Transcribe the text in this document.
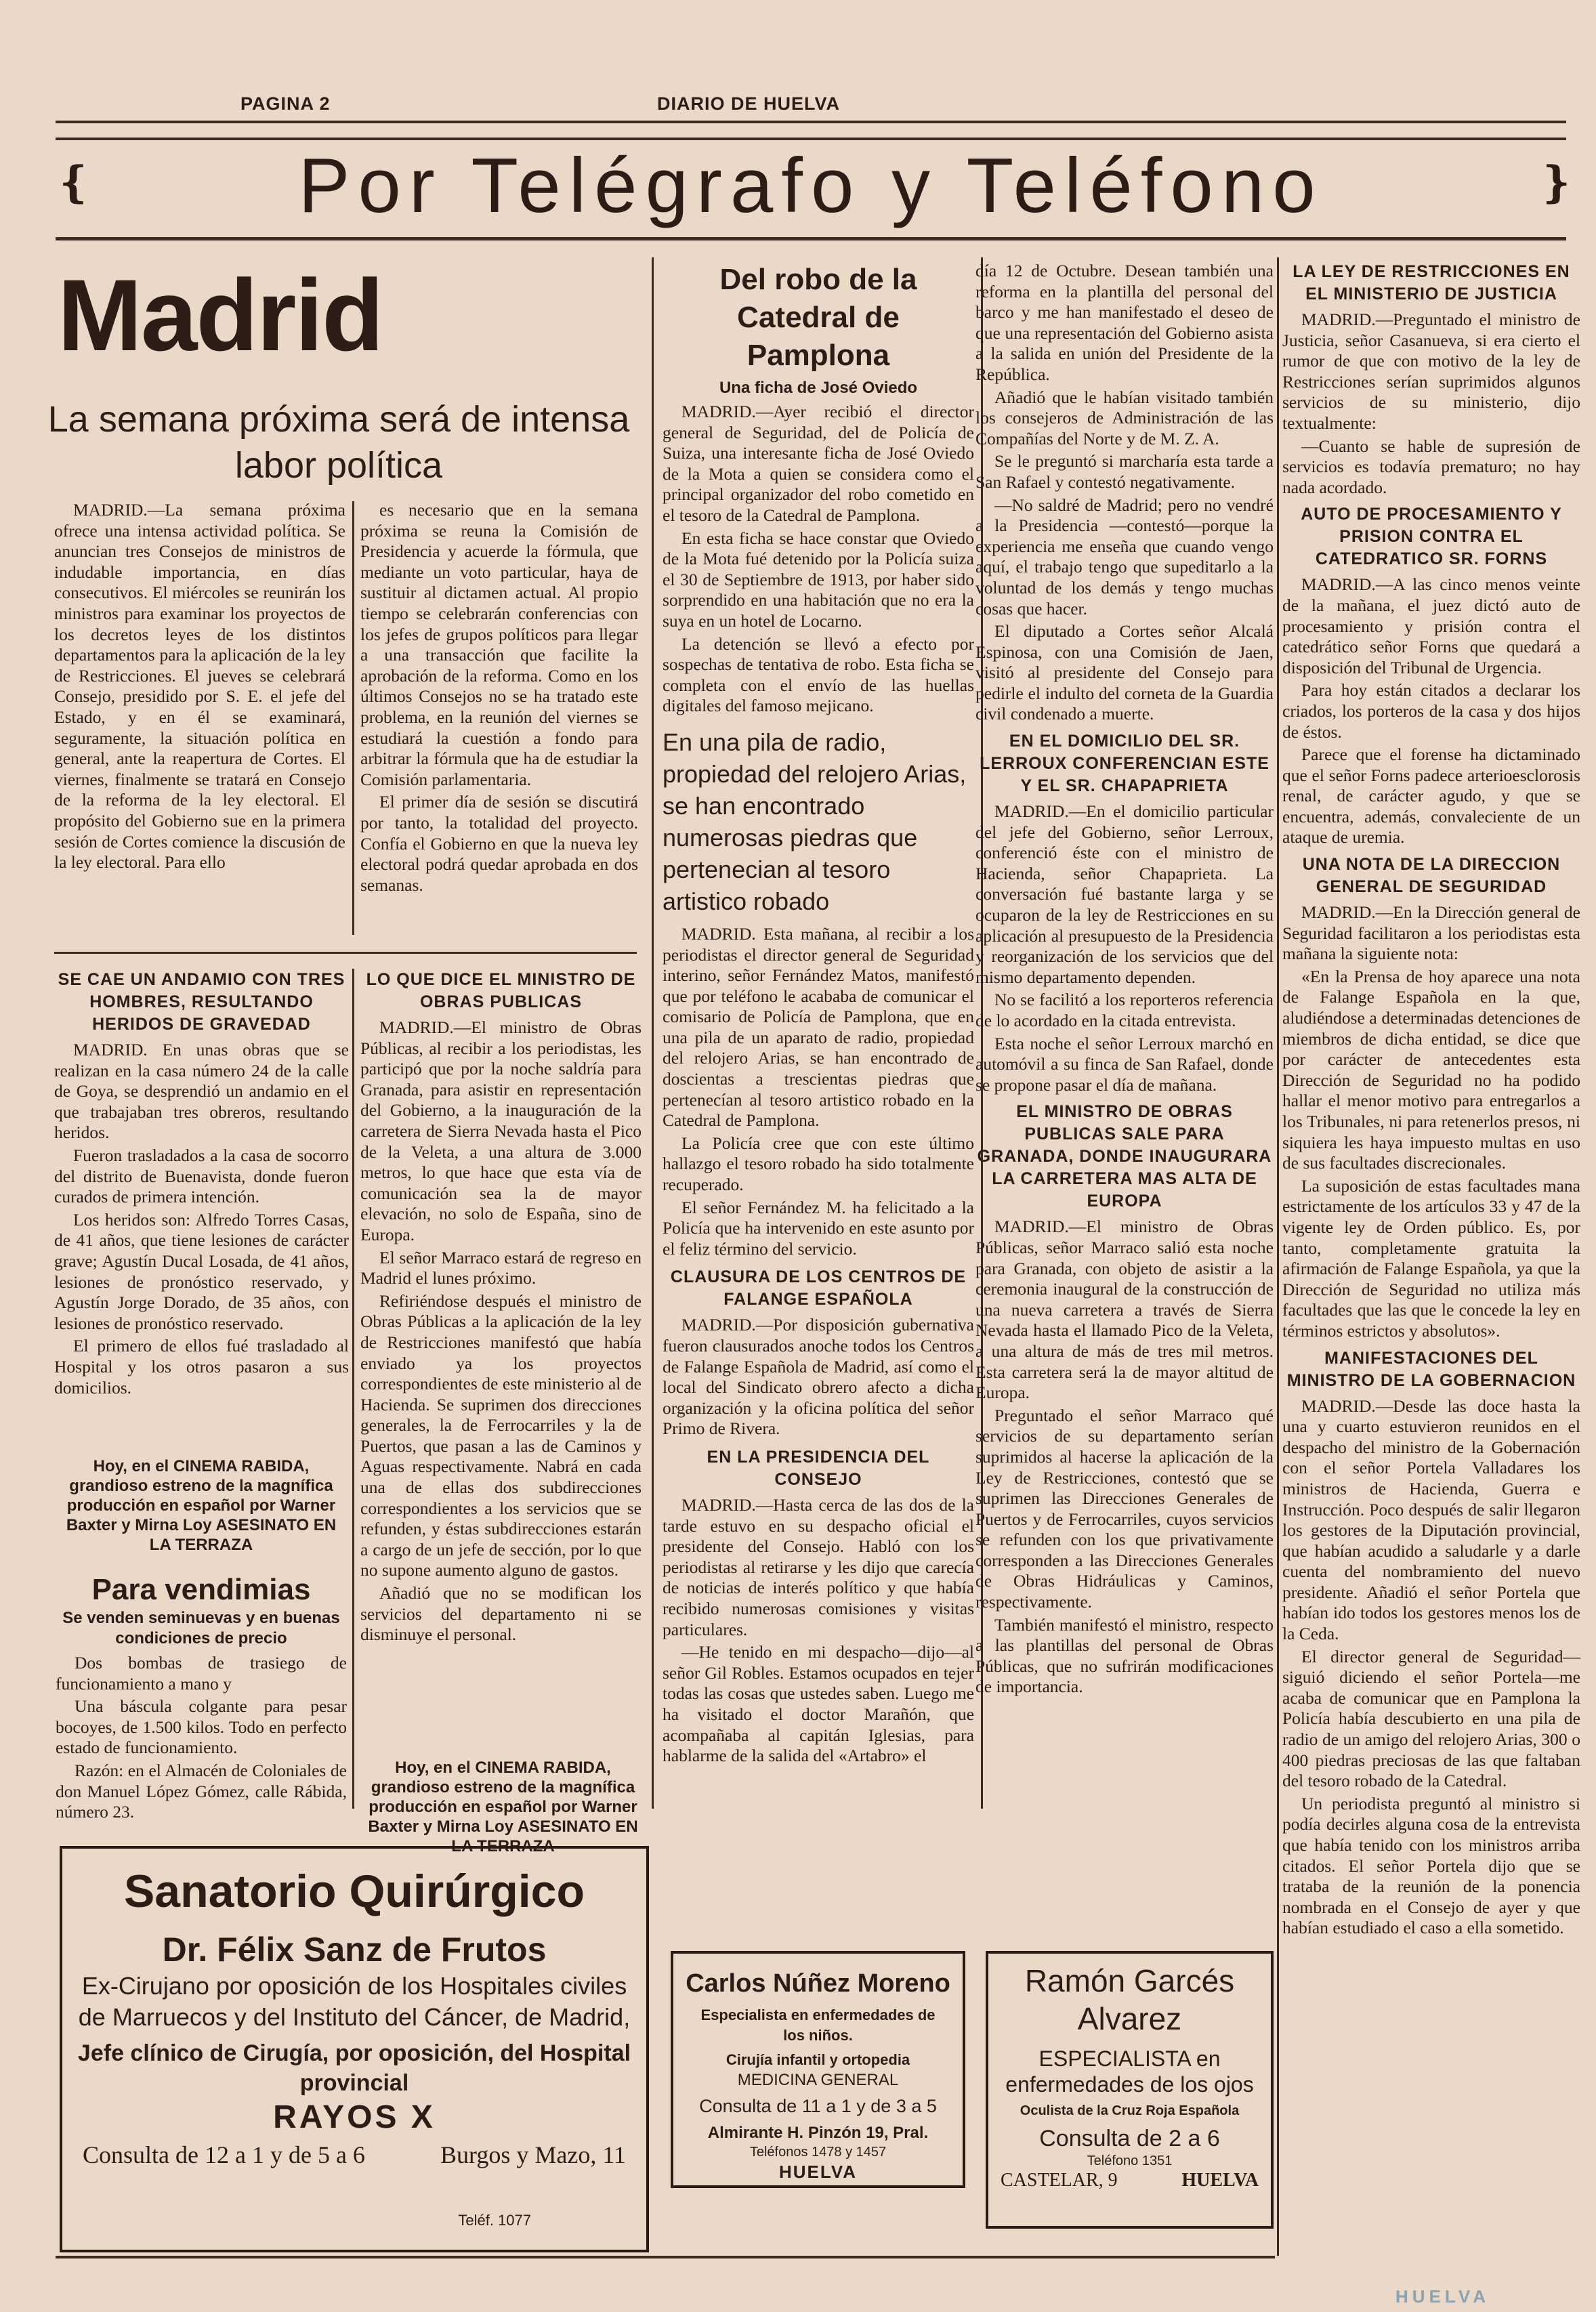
PAGINA 2	DIARIO DE HUELVA
Por Telégrafo y Teléfono
❴	❵
Madrid
La semana próxima será de intensa labor política

MADRID.—La semana próxima ofrece una intensa actividad política. Se anuncian tres Consejos de ministros de indudable importancia, en días consecutivos. El miércoles se reunirán los ministros para examinar los proyectos de los decretos leyes de los distintos departamentos para la aplicación de la ley de Restricciones. El jueves se celebrará Consejo, presidido por S. E. el jefe del Estado, y en él se examinará, seguramente, la situación política en general, ante la reapertura de Cortes. El viernes, finalmente se tratará en Consejo de la reforma de la ley electoral. El propósito del Gobierno sue en la primera sesión de Cortes comience la discusión de la ley electoral. Para ello

es necesario que en la semana próxima se reuna la Comisión de Presidencia y acuerde la fórmula, que mediante un voto particular, haya de sustituir al dictamen actual. Al propio tiempo se celebrarán conferencias con los jefes de grupos políticos para llegar a una transacción que facilite la aprobación de la reforma. Como en los últimos Consejos no se ha tratado este problema, en la reunión del viernes se estudiará la cuestión a fondo para arbitrar la fórmula que ha de estudiar la Comisión parlamentaria.

El primer día de sesión se discutirá por tanto, la totalidad del proyecto. Confía el Gobierno en que la nueva ley electoral podrá quedar aprobada en dos semanas.

SE CAE UN ANDAMIO CON TRES HOMBRES, RESULTANDO HERIDOS DE GRAVEDAD

MADRID. En unas obras que se realizan en la casa número 24 de la calle de Goya, se desprendió un andamio en el que trabajaban tres obreros, resultando heridos.

Fueron trasladados a la casa de socorro del distrito de Buenavista, donde fueron curados de primera intención.

Los heridos son: Alfredo Torres Casas, de 41 años, que tiene lesiones de carácter grave; Agustín Ducal Losada, de 41 años, lesiones de pronóstico reservado, y Agustín Jorge Dorado, de 35 años, con lesiones de pronóstico reservado.

El primero de ellos fué trasladado al Hospital y los otros pasaron a sus domicilios.

Hoy, en el CINEMA RABIDA, grandioso estreno de la magnífica producción en español por Warner Baxter y Mirna Loy ASESINATO EN LA TERRAZA
Para vendimias
Se venden seminuevas y en buenas condiciones de precio

Dos bombas de trasiego de funcionamiento a mano y

Una báscula colgante para pesar bocoyes, de 1.500 kilos. Todo en perfecto estado de funcionamiento.

Razón: en el Almacén de Coloniales de don Manuel López Gómez, calle Rábida, número 23.

LO QUE DICE EL MINISTRO DE OBRAS PUBLICAS

MADRID.—El ministro de Obras Públicas, al recibir a los periodistas, les participó que por la noche saldría para Granada, para asistir en representación del Gobierno, a la inauguración de la carretera de Sierra Nevada hasta el Pico de la Veleta, a una altura de 3.000 metros, lo que hace que esta vía de comunicación sea la de mayor elevación, no solo de España, sino de Europa.

El señor Marraco estará de regreso en Madrid el lunes próximo.

Refiriéndose después el ministro de Obras Públicas a la aplicación de la ley de Restricciones manifestó que había enviado ya los proyectos correspondientes de este ministerio al de Hacienda. Se suprimen dos direcciones generales, la de Ferrocarriles y la de Puertos, que pasan a las de Caminos y Aguas respectivamente. Nabrá en cada una de ellas dos subdirecciones correspondientes a los servicios que se refunden, y éstas subdirecciones estarán a cargo de un jefe de sección, por lo que no supone aumento alguno de gastos.

Añadió que no se modifican los servicios del departamento ni se disminuye el personal.

Hoy, en el CINEMA RABIDA, grandioso estreno de la magnífica producción en español por Warner Baxter y Mirna Loy ASESINATO EN LA TERRAZA
Del robo de la Catedral de Pamplona
Una ficha de José Oviedo

MADRID.—Ayer recibió el director general de Seguridad, del de Policía de Suiza, una interesante ficha de José Oviedo de la Mota a quien se considera como el principal organizador del robo cometido en el tesoro de la Catedral de Pamplona.

En esta ficha se hace constar que Oviedo de la Mota fué detenido por la Policía suiza el 30 de Septiembre de 1913, por haber sido sorprendido en una habitación que no era la suya en un hotel de Locarno.

La detención se llevó a efecto por sospechas de tentativa de robo. Esta ficha se completa con el envío de las huellas digitales del famoso mejicano.

En una pila de radio, propiedad del relojero Arias, se han encontrado numerosas piedras que pertenecian al tesoro artistico robado

MADRID. Esta mañana, al recibir a los periodistas el director general de Seguridad interino, señor Fernández Matos, manifestó que por teléfono le acababa de comunicar el comisario de Policía de Pamplona, que en una pila de un aparato de radio, propiedad del relojero Arias, se han encontrado de doscientas a trescientas piedras que pertenecían al tesoro artistico robado en la Catedral de Pamplona.

La Policía cree que con este último hallazgo el tesoro robado ha sido totalmente recuperado.

El señor Fernández M. ha felicitado a la Policía que ha intervenido en este asunto por el feliz término del servicio.

CLAUSURA DE LOS CENTROS DE FALANGE ESPAÑOLA

MADRID.—Por disposición gubernativa fueron clausurados anoche todos los Centros de Falange Española de Madrid, así como el local del Sindicato obrero afecto a dicha organización y la oficina política del señor Primo de Rivera.

EN LA PRESIDENCIA DEL CONSEJO

MADRID.—Hasta cerca de las dos de la tarde estuvo en su despacho oficial el presidente del Consejo. Habló con los periodistas al retirarse y les dijo que carecía de noticias de interés político y que había recibido numerosas comisiones y visitas particulares.

—He tenido en mi despacho—dijo—al señor Gil Robles. Estamos ocupados en tejer todas las cosas que ustedes saben. Luego me ha visitado el doctor Marañón, que acompañaba al capitán Iglesias, para hablarme de la salida del «Artabro» el

día 12 de Octubre. Desean también una reforma en la plantilla del personal del barco y me han manifestado el deseo de que una representación del Gobierno asista a la salida en unión del Presidente de la República.

Añadió que le habían visitado también los consejeros de Administración de las Compañías del Norte y de M. Z. A.

Se le preguntó si marcharía esta tarde a San Rafael y contestó negativamente.

—No saldré de Madrid; pero no vendré a la Presidencia —contestó—porque la experiencia me enseña que cuando vengo aquí, el trabajo tengo que supeditarlo a la voluntad de los demás y tengo muchas cosas que hacer.

El diputado a Cortes señor Alcalá Espinosa, con una Comisión de Jaen, visitó al presidente del Consejo para pedirle el indulto del corneta de la Guardia civil condenado a muerte.

EN EL DOMICILIO DEL SR. LERROUX CONFERENCIAN ESTE Y EL SR. CHAPAPRIETA

MADRID.—En el domicilio particular del jefe del Gobierno, señor Lerroux, conferenció éste con el ministro de Hacienda, señor Chapaprieta. La conversación fué bastante larga y se ocuparon de la ley de Restricciones en su aplicación al presupuesto de la Presidencia y reorganización de los servicios que del mismo departamento dependen.

No se facilitó a los reporteros referencia de lo acordado en la citada entrevista.

Esta noche el señor Lerroux marchó en automóvil a su finca de San Rafael, donde se propone pasar el día de mañana.

EL MINISTRO DE OBRAS PUBLICAS SALE PARA GRANADA, DONDE INAUGURARA LA CARRETERA MAS ALTA DE EUROPA

MADRID.—El ministro de Obras Públicas, señor Marraco salió esta noche para Granada, con objeto de asistir a la ceremonia inaugural de la construcción de una nueva carretera a través de Sierra Nevada hasta el llamado Pico de la Veleta, a una altura de más de tres mil metros. Esta carretera será la de mayor altitud de Europa.

Preguntado el señor Marraco qué servicios de su departamento serían suprimidos al hacerse la aplicación de la Ley de Restricciones, contestó que se suprimen las Direcciones Generales de Puertos y de Ferrocarriles, cuyos servicios se refunden con los que privativamente corresponden a las Direcciones Generales de Obras Hidráulicas y Caminos, respectivamente.

También manifestó el ministro, respecto a las plantillas del personal de Obras Públicas, que no sufrirán modificaciones de importancia.

LA LEY DE RESTRICCIONES EN EL MINISTERIO DE JUSTICIA

MADRID.—Preguntado el ministro de Justicia, señor Casanueva, si era cierto el rumor de que con motivo de la ley de Restricciones serían suprimidos algunos servicios de su ministerio, dijo textualmente:

—Cuanto se hable de supresión de servicios es todavía prematuro; no hay nada acordado.

AUTO DE PROCESAMIENTO Y PRISION CONTRA EL CATEDRATICO SR. FORNS

MADRID.—A las cinco menos veinte de la mañana, el juez dictó auto de procesamiento y prisión contra el catedrático señor Forns que quedará a disposición del Tribunal de Urgencia.

Para hoy están citados a declarar los criados, los porteros de la casa y dos hijos de éstos.

Parece que el forense ha dictaminado que el señor Forns padece arterioesclorosis renal, de carácter agudo, y que se encuentra, además, convaleciente de un ataque de uremia.

UNA NOTA DE LA DIRECCION GENERAL DE SEGURIDAD

MADRID.—En la Dirección general de Seguridad facilitaron a los periodistas esta mañana la siguiente nota:

«En la Prensa de hoy aparece una nota de Falange Española en la que, aludiéndose a determinadas detenciones de miembros de dicha entidad, se dice que por carácter de antecedentes esta Dirección de Seguridad no ha podido hallar el menor motivo para entregarlos a los Tribunales, ni para retenerlos presos, ni siquiera les haya impuesto multas en uso de sus facultades discrecionales.

La suposición de estas facultades mana estrictamente de los artículos 33 y 47 de la vigente ley de Orden público. Es, por tanto, completamente gratuita la afirmación de Falange Española, ya que la Dirección de Seguridad no utiliza más facultades que las que le concede la ley en términos estrictos y absolutos».

MANIFESTACIONES DEL MINISTRO DE LA GOBERNACION

MADRID.—Desde las doce hasta la una y cuarto estuvieron reunidos en el despacho del ministro de la Gobernación con el señor Portela Valladares los ministros de Hacienda, Guerra e Instrucción. Poco después de salir llegaron los gestores de la Diputación provincial, que habían acudido a saludarle y a darle cuenta del nombramiento del nuevo presidente. Añadió el señor Portela que habían ido todos los gestores menos los de la Ceda.

El director general de Seguridad—siguió diciendo el señor Portela—me acaba de comunicar que en Pamplona la Policía había descubierto en una pila de radio de un amigo del relojero Arias, 300 o 400 piedras preciosas de las que faltaban del tesoro robado de la Catedral.

Un periodista preguntó al ministro si podía decirles alguna cosa de la entrevista que había tenido con los ministros arriba citados. El señor Portela dijo que se trataba de la reunión de la ponencia nombrada en el Consejo de ayer y que habían estudiado el caso a ella sometido.

Sanatorio Quirúrgico
Dr. Félix Sanz de Frutos
Ex-Cirujano por oposición de los Hospitales civiles de Marruecos y del Instituto del Cáncer, de Madrid,
Jefe clínico de Cirugía, por oposición, del Hospital provincial
RAYOS X
Consulta de 12 a 1 y de 5 a 6	Burgos y Mazo, 11
Teléf. 1077
Carlos Núñez Moreno
Especialista en enfermedades de los niños.
Cirujía infantil y ortopedia
MEDICINA GENERAL
Consulta de 11 a 1 y de 3 a 5
Almirante H. Pinzón 19, Pral.
Teléfonos 1478 y 1457
HUELVA
Ramón Garcés
Alvarez
ESPECIALISTA en
enfermedades de los ojos
Oculista de la Cruz Roja Española
Consulta de 2 a 6
Teléfono 1351
CASTELAR, 9	HUELVA
HUELVA
